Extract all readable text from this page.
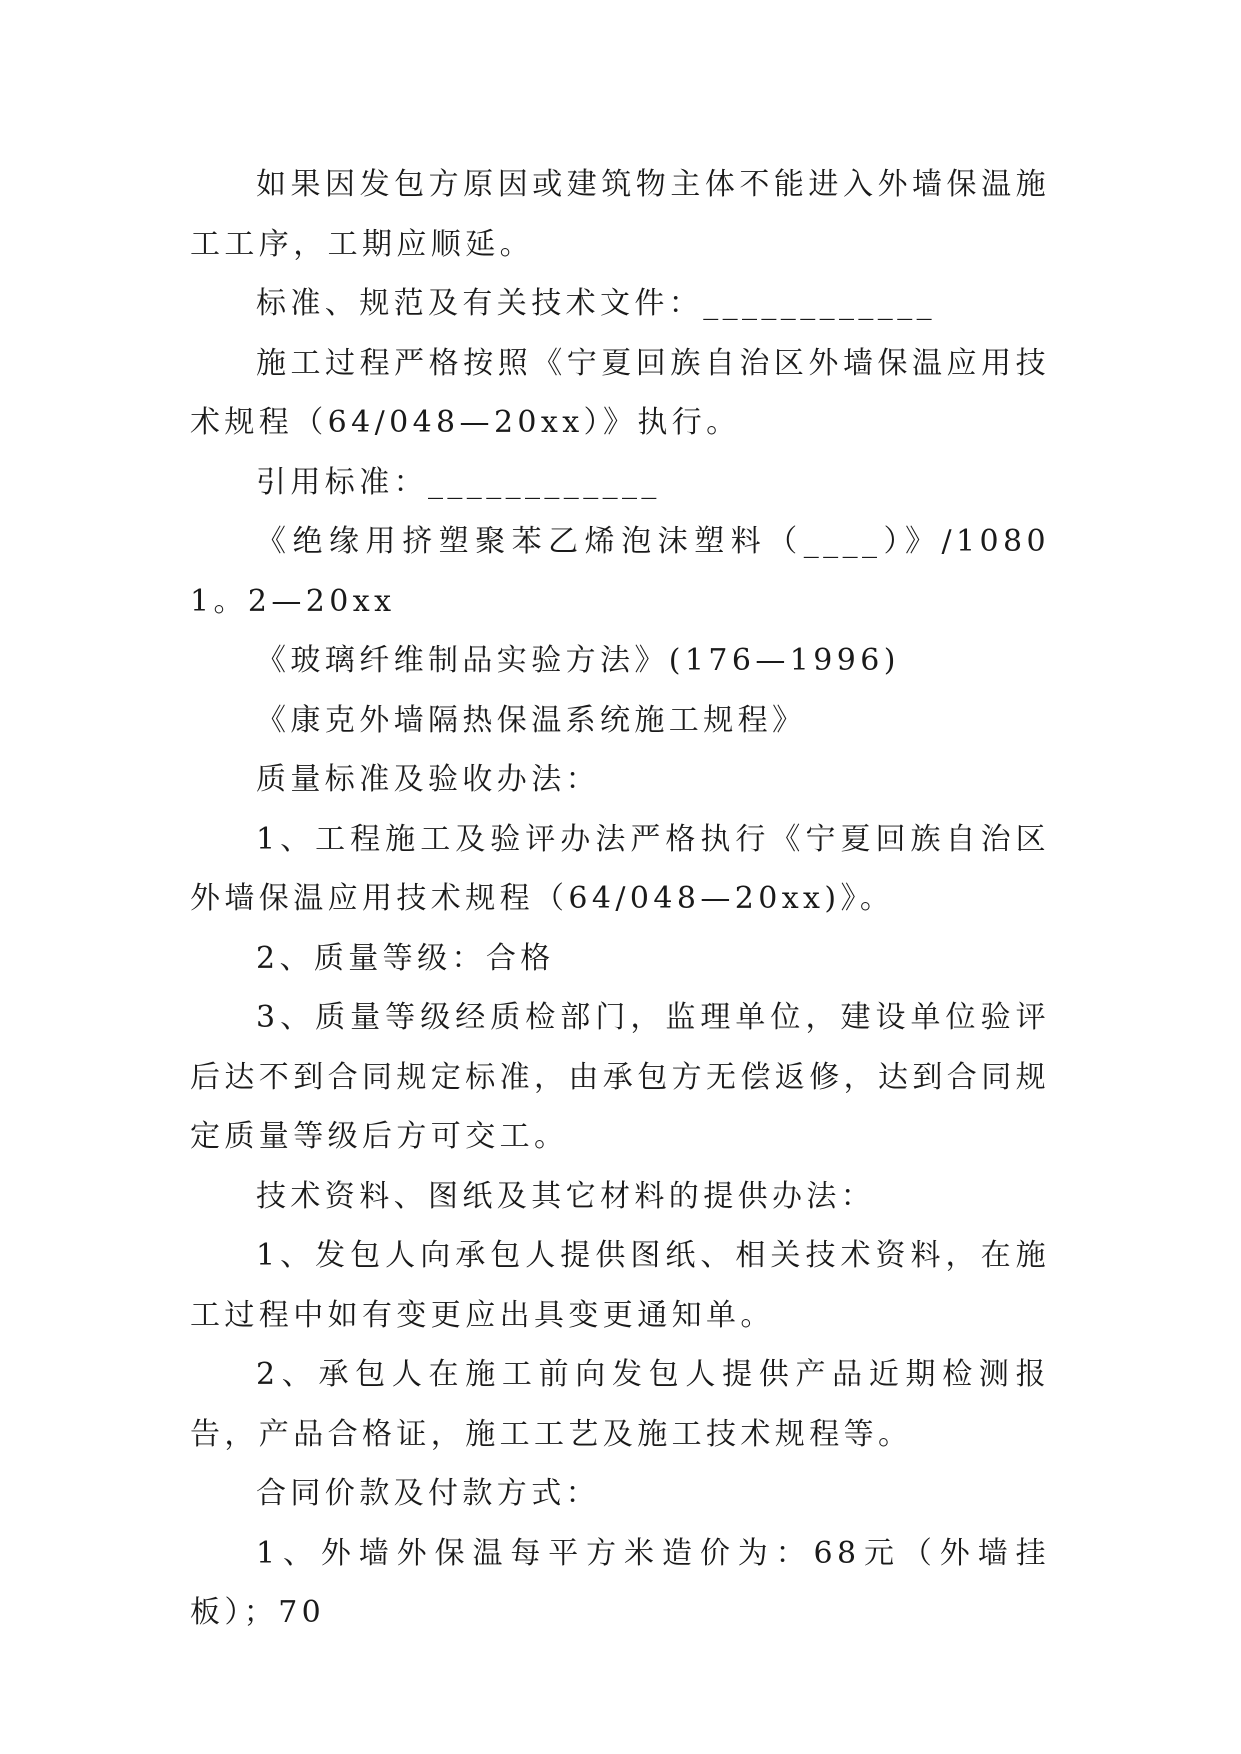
如果因发包方原因或建筑物主体不能进入外墙保温施工工序，工期应顺延。

标准、规范及有关技术文件：____________

施工过程严格按照《宁夏回族自治区外墙保温应用技术规程（64/048—20xx）》执行。

引用标准：____________

《绝缘用挤塑聚苯乙烯泡沫塑料（____）》/10801。2—20xx

《玻璃纤维制品实验方法》(176—1996)

《康克外墙隔热保温系统施工规程》

质量标准及验收办法：

1、工程施工及验评办法严格执行《宁夏回族自治区外墙保温应用技术规程（64/048—20xx)》。

2、质量等级：合格

3、质量等级经质检部门，监理单位，建设单位验评后达不到合同规定标准，由承包方无偿返修，达到合同规定质量等级后方可交工。

技术资料、图纸及其它材料的提供办法：

1、发包人向承包人提供图纸、相关技术资料，在施工过程中如有变更应出具变更通知单。

2、承包人在施工前向发包人提供产品近期检测报告，产品合格证，施工工艺及施工技术规程等。

合同价款及付款方式：

1、外墙外保温每平方米造价为：68元（外墙挂板）；70
